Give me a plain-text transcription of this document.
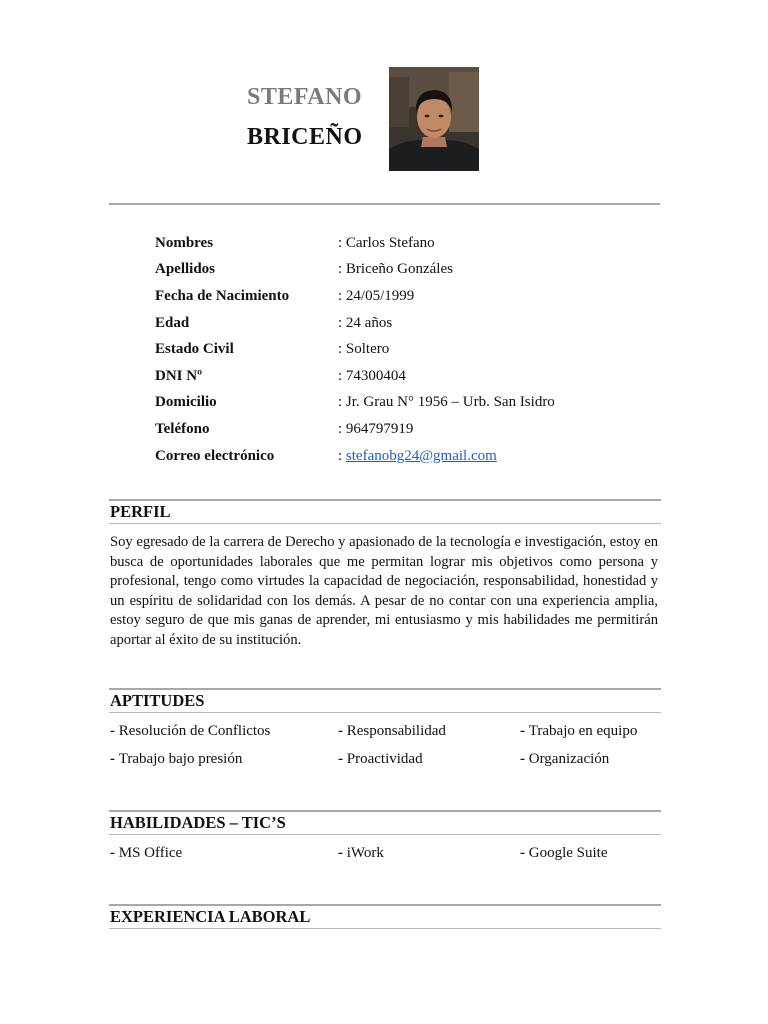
STEFANO
BRICEÑO
Nombres	: Carlos Stefano
Apellidos	: Briceño Gonzáles
Fecha de Nacimiento	: 24/05/1999
Edad	: 24 años
Estado Civil	: Soltero
DNI Nº	: 74300404
Domicilio	: Jr. Grau N° 1956 – Urb. San Isidro
Teléfono	: 964797919
Correo electrónico	: stefanobg24@gmail.com
PERFIL
Soy egresado de la carrera de Derecho y apasionado de la tecnología e investigación, estoy en busca de oportunidades laborales que me permitan lograr mis objetivos como persona y profesional, tengo como virtudes la capacidad de negociación, responsabilidad, honestidad y un espíritu de solidaridad con los demás. A pesar de no contar con una experiencia amplia, estoy seguro de que mis ganas de aprender, mi entusiasmo y mis habilidades me permitirán aportar al éxito de su institución.
APTITUDES
- Resolución de Conflictos	- Responsabilidad	- Trabajo en equipo
- Trabajo bajo presión	- Proactividad	- Organización
HABILIDADES – TIC’S
- MS Office	- iWork	- Google Suite
EXPERIENCIA LABORAL
